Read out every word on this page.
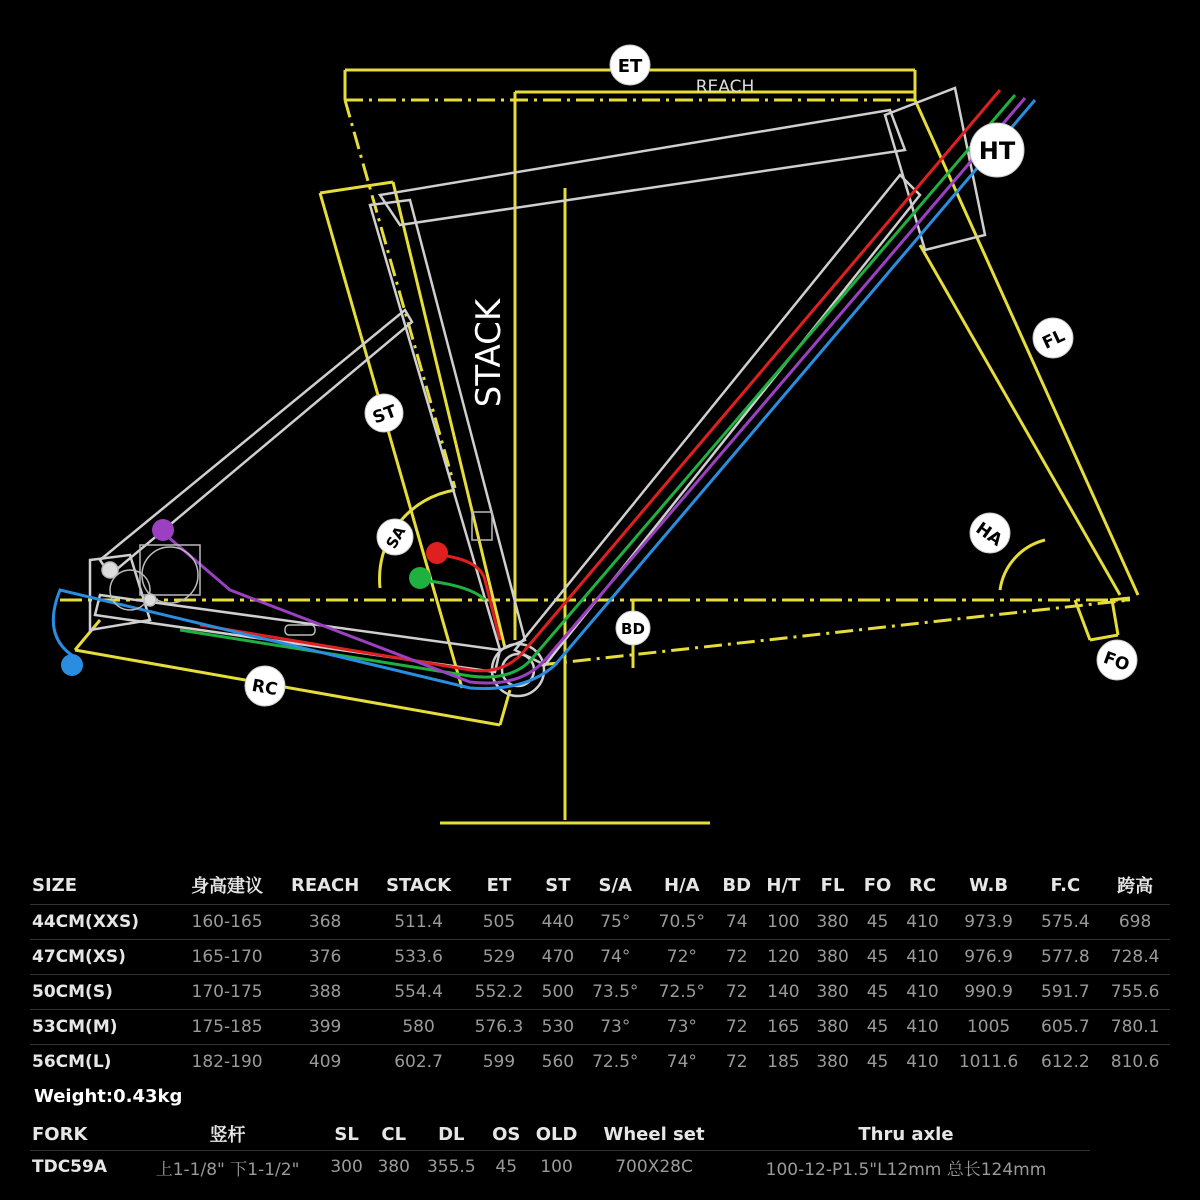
ET
HT
FL
ST
SA	HA
BD
FO
RC
REACH
STACK
SIZE	身高建议	REACH	STACK	ET	ST	S/A	H/A	BD	H/T	FL	FO	RC	W.B	F.C	跨高
44CM(XXS)	160-165	368	511.4	505	440	75°	70.5°	74	100	380	45	410	973.9	575.4	698
47CM(XS)	165-170	376	533.6	529	470	74°	72°	72	120	380	45	410	976.9	577.8	728.4
50CM(S)	170-175	388	554.4	552.2	500	73.5°	72.5°	72	140	380	45	410	990.9	591.7	755.6
53CM(M)	175-185	399	580	576.3	530	73°	73°	72	165	380	45	410	1005	605.7	780.1
56CM(L)	182-190	409	602.7	599	560	72.5°	74°	72	185	380	45	410	1011.6	612.2	810.6
Weight:0.43kg
FORK	竖杆	SL	CL	DL	OS	OLD	Wheel set	Thru axle
TDC59A	上1-1/8" 下1-1/2"	300	380	355.5	45	100	700X28C	100-12-P1.5"L12mm 总长124mm
